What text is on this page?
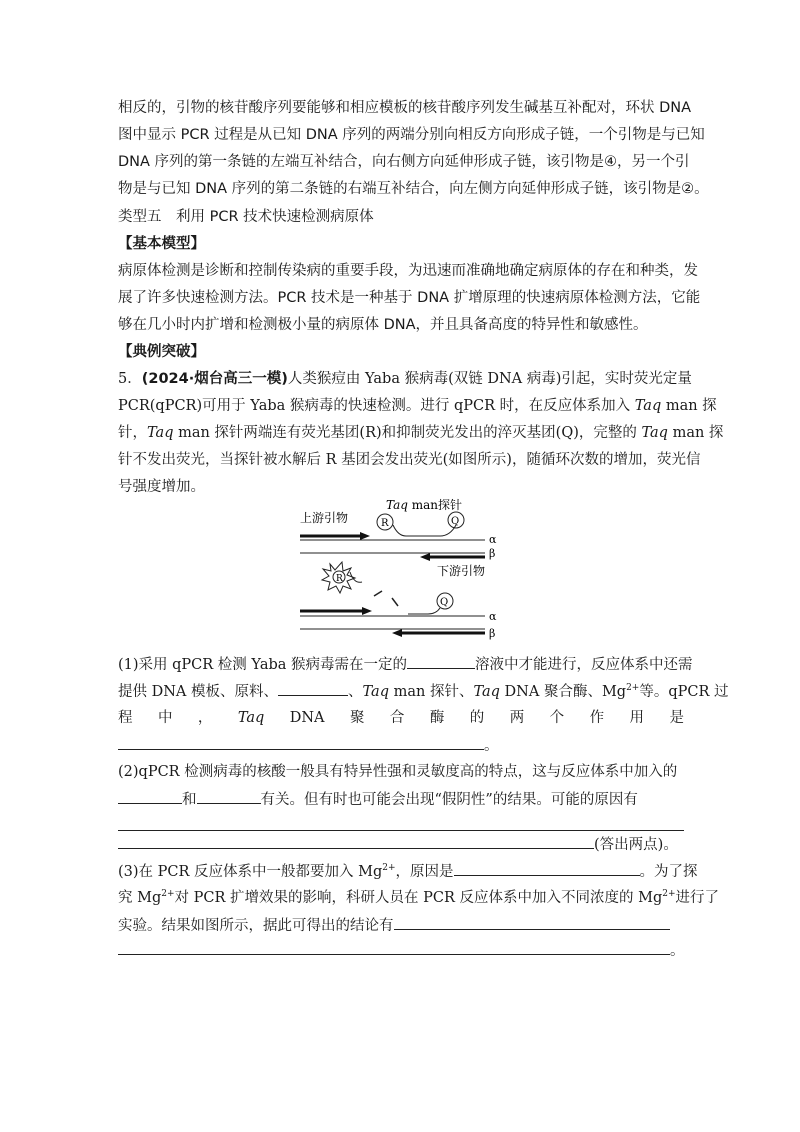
相反的，引物的核苷酸序列要能够和相应模板的核苷酸序列发生碱基互补配对，环状 DNA
图中显示 PCR 过程是从已知 DNA 序列的两端分别向相反方向形成子链，一个引物是与已知
DNA 序列的第一条链的左端互补结合，向右侧方向延伸形成子链，该引物是④，另一个引
物是与已知 DNA 序列的第二条链的右端互补结合，向左侧方向延伸形成子链，该引物是②。
类型五　利用 PCR 技术快速检测病原体
【基本模型】
病原体检测是诊断和控制传染病的重要手段，为迅速而准确地确定病原体的存在和种类，发
展了许多快速检测方法。PCR 技术是一种基于 DNA 扩增原理的快速病原体检测方法，它能
够在几小时内扩增和检测极小量的病原体 DNA，并且具备高度的特异性和敏感性。
【典例突破】
5．(2024·烟台高三一模)人类猴痘由 Yaba 猴病毒(双链 DNA 病毒)引起，实时荧光定量
PCR(qPCR)可用于 Yaba 猴病毒的快速检测。进行 qPCR 时，在反应体系加入 Taq man 探
针，Taq man 探针两端连有荧光基团(R)和抑制荧光发出的淬灭基团(Q)，完整的 Taq man 探
针不发出荧光，当探针被水解后 R 基团会发出荧光(如图所示)，随循环次数的增加，荧光信
号强度增加。
上游引物
Taq man探针
R	Q
α
β
下游引物
R
Q
α
β
(1)采用 qPCR 检测 Yaba 猴病毒需在一定的	溶液中才能进行，反应体系中还需
提供 DNA 模板、原料、	、Taq man 探针、Taq DNA 聚合酶、$Mg^{2+}$等。qPCR 过
程 中 ， Taq DNA 聚 合 酶 的 两 个 作 用 是
。
(2)qPCR 检测病毒的核酸一般具有特异性强和灵敏度高的特点，这与反应体系中加入的
和	有关。但有时也可能会出现“假阴性”的结果。可能的原因有
(答出两点)。
(3)在 PCR 反应体系中一般都要加入 $Mg^{2+}$，原因是	。为了探
究 $Mg^{2+}$对 PCR 扩增效果的影响，科研人员在 PCR 反应体系中加入不同浓度的 $Mg^{2+}$进行了
实验。结果如图所示，据此可得出的结论有
。
